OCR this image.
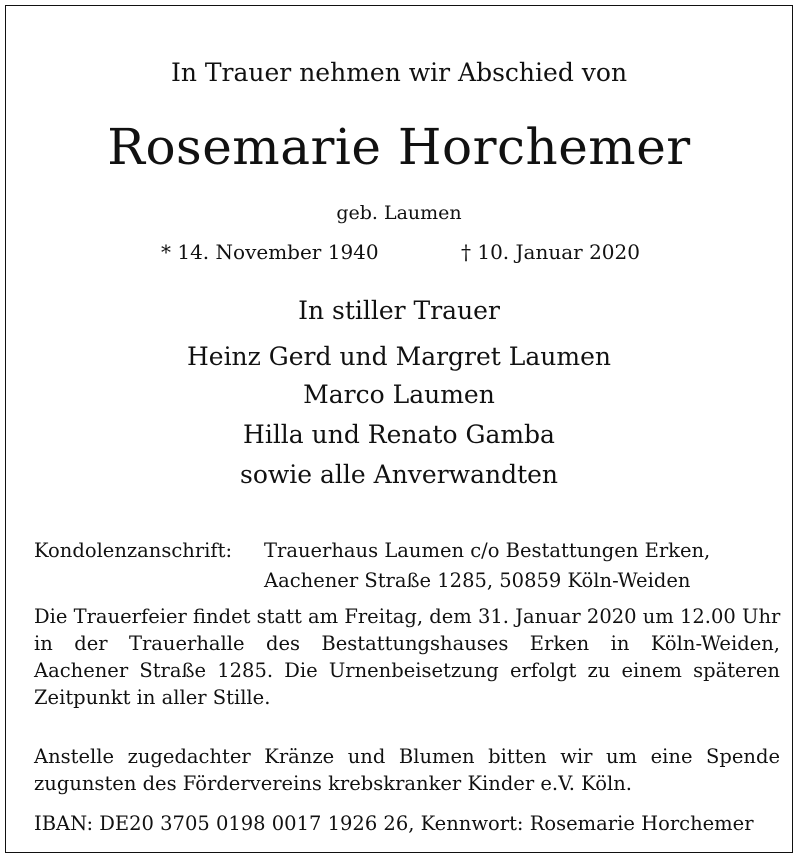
In Trauer nehmen wir Abschied von
Rosemarie Horchemer
geb. Laumen
* 14. November 1940	† 10. Januar 2020
In stiller Trauer
Heinz Gerd und Margret Laumen
Marco Laumen
Hilla und Renato Gamba
sowie alle Anverwandten
Kondolenzanschrift: Trauerhaus Laumen c/o Bestattungen Erken,
Aachener Straße 1285, 50859 Köln-Weiden
Die Trauerfeier findet statt am Freitag, dem 31. Januar 2020 um 12.00 Uhr
in der Trauerhalle des Bestattungshauses Erken in Köln-Weiden,
Aachener Straße 1285. Die Urnenbeisetzung erfolgt zu einem späteren
Zeitpunkt in aller Stille.
Anstelle zugedachter Kränze und Blumen bitten wir um eine Spende
zugunsten des Fördervereins krebskranker Kinder e.V. Köln.
IBAN: DE20 3705 0198 0017 1926 26, Kennwort: Rosemarie Horchemer
